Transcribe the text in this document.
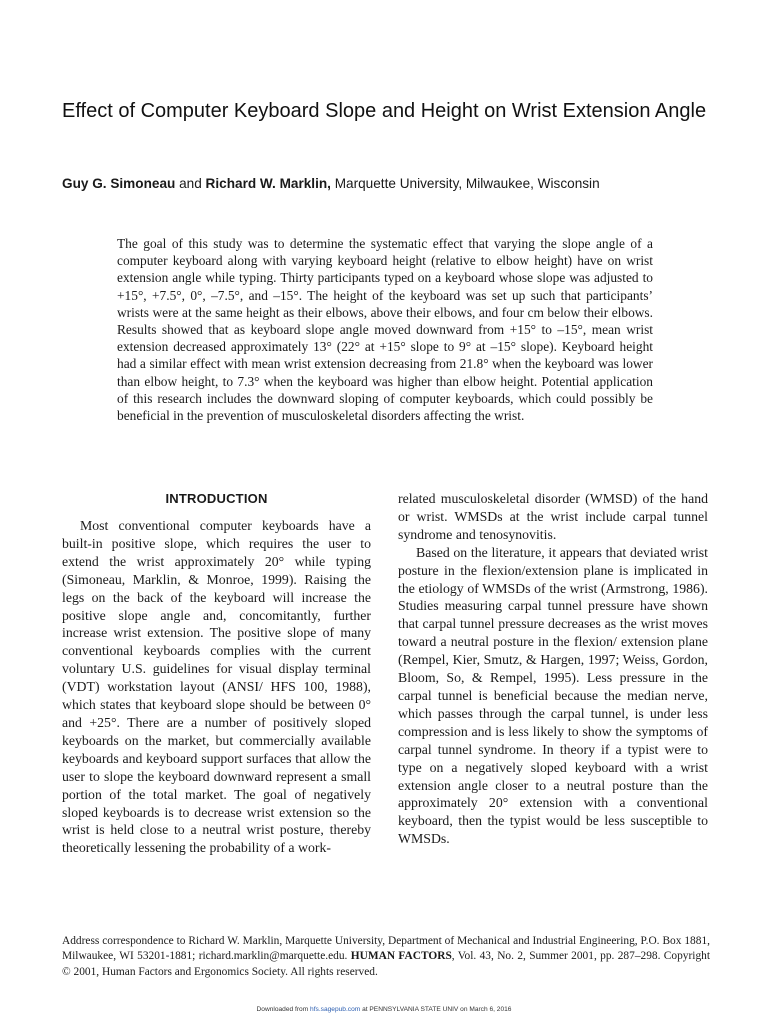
Effect of Computer Keyboard Slope and Height on Wrist Extension Angle

Guy G. Simoneau and Richard W. Marklin, Marquette University, Milwaukee, Wisconsin

The goal of this study was to determine the systematic effect that varying the slope angle of a computer keyboard along with varying keyboard height (relative to elbow height) have on wrist extension angle while typing. Thirty participants typed on a keyboard whose slope was adjusted to +15°, +7.5°, 0°, –7.5°, and –15°. The height of the keyboard was set up such that participants’ wrists were at the same height as their elbows, above their elbows, and four cm below their elbows. Results showed that as keyboard slope angle moved downward from +15° to –15°, mean wrist extension decreased approximately 13° (22° at +15° slope to 9° at –15° slope). Keyboard height had a similar effect with mean wrist extension decreasing from 21.8° when the keyboard was lower than elbow height, to 7.3° when the keyboard was higher than elbow height. Potential application of this research includes the downward sloping of computer keyboards, which could possibly be beneficial in the prevention of musculoskeletal disorders affecting the wrist.

INTRODUCTION

Most conventional computer keyboards have a built-in positive slope, which requires the user to extend the wrist approximately 20° while typing (Simoneau, Marklin, & Monroe, 1999). Raising the legs on the back of the keyboard will increase the positive slope angle and, concomitantly, further increase wrist extension. The positive slope of many conventional keyboards complies with the current voluntary U.S. guidelines for visual display terminal (VDT) workstation layout (ANSI/ HFS 100, 1988), which states that keyboard slope should be between 0° and +25°. There are a number of positively sloped keyboards on the market, but commercially available keyboards and keyboard support surfaces that allow the user to slope the keyboard downward represent a small portion of the total market. The goal of negatively sloped keyboards is to decrease wrist extension so the wrist is held close to a neutral wrist posture, thereby theoretically lessening the probability of a work-

related musculoskeletal disorder (WMSD) of the hand or wrist. WMSDs at the wrist include carpal tunnel syndrome and tenosynovitis.

Based on the literature, it appears that deviated wrist posture in the flexion/extension plane is implicated in the etiology of WMSDs of the wrist (Armstrong, 1986). Studies measuring carpal tunnel pressure have shown that carpal tunnel pressure decreases as the wrist moves toward a neutral posture in the flexion/ extension plane (Rempel, Kier, Smutz, & Hargen, 1997; Weiss, Gordon, Bloom, So, & Rempel, 1995). Less pressure in the carpal tunnel is beneficial because the median nerve, which passes through the carpal tunnel, is under less compression and is less likely to show the symptoms of carpal tunnel syndrome. In theory if a typist were to type on a negatively sloped keyboard with a wrist extension angle closer to a neutral posture than the approximately 20° extension with a conventional keyboard, then the typist would be less susceptible to WMSDs.

Address correspondence to Richard W. Marklin, Marquette University, Department of Mechanical and Industrial Engineering, P.O. Box 1881, Milwaukee, WI 53201-1881; richard.marklin@marquette.edu. HUMAN FACTORS, Vol. 43, No. 2, Summer 2001, pp. 287–298. Copyright © 2001, Human Factors and Ergonomics Society. All rights reserved.

Downloaded from hfs.sagepub.com at PENNSYLVANIA STATE UNIV on March 6, 2016
